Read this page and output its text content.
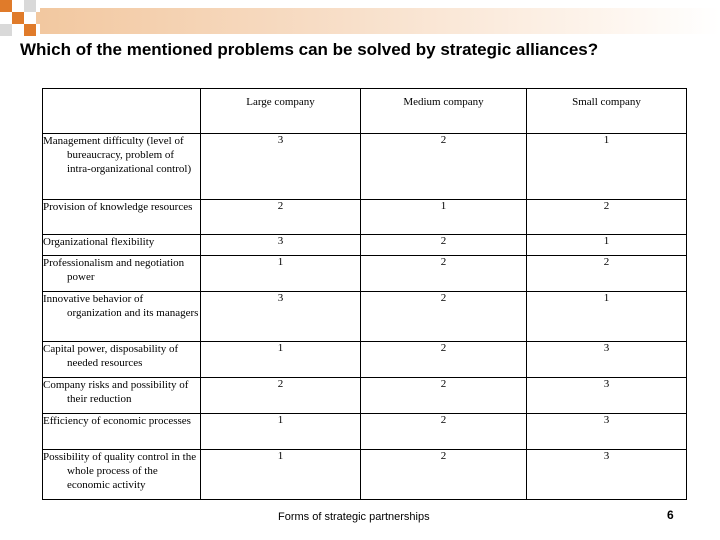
Which of the mentioned problems can be solved by strategic alliances?
	Large company	Medium company	Small company

Management difficulty (level of bureaucracy, problem of intra-organizational control)	3	2	1

Provision of knowledge resources	2	1	2

Organizational flexibility	3	2	1

Professionalism and negotiation power	1	2	2

Innovative behavior of organization and its managers	3	2	1

Capital power, disposability of needed resources	1	2	3

Company risks and possibility of their reduction	2	2	3

Efficiency of economic processes	1	2	3

Possibility of quality control in the whole process of the economic activity	1	2	3
Forms of strategic partnerships	6
